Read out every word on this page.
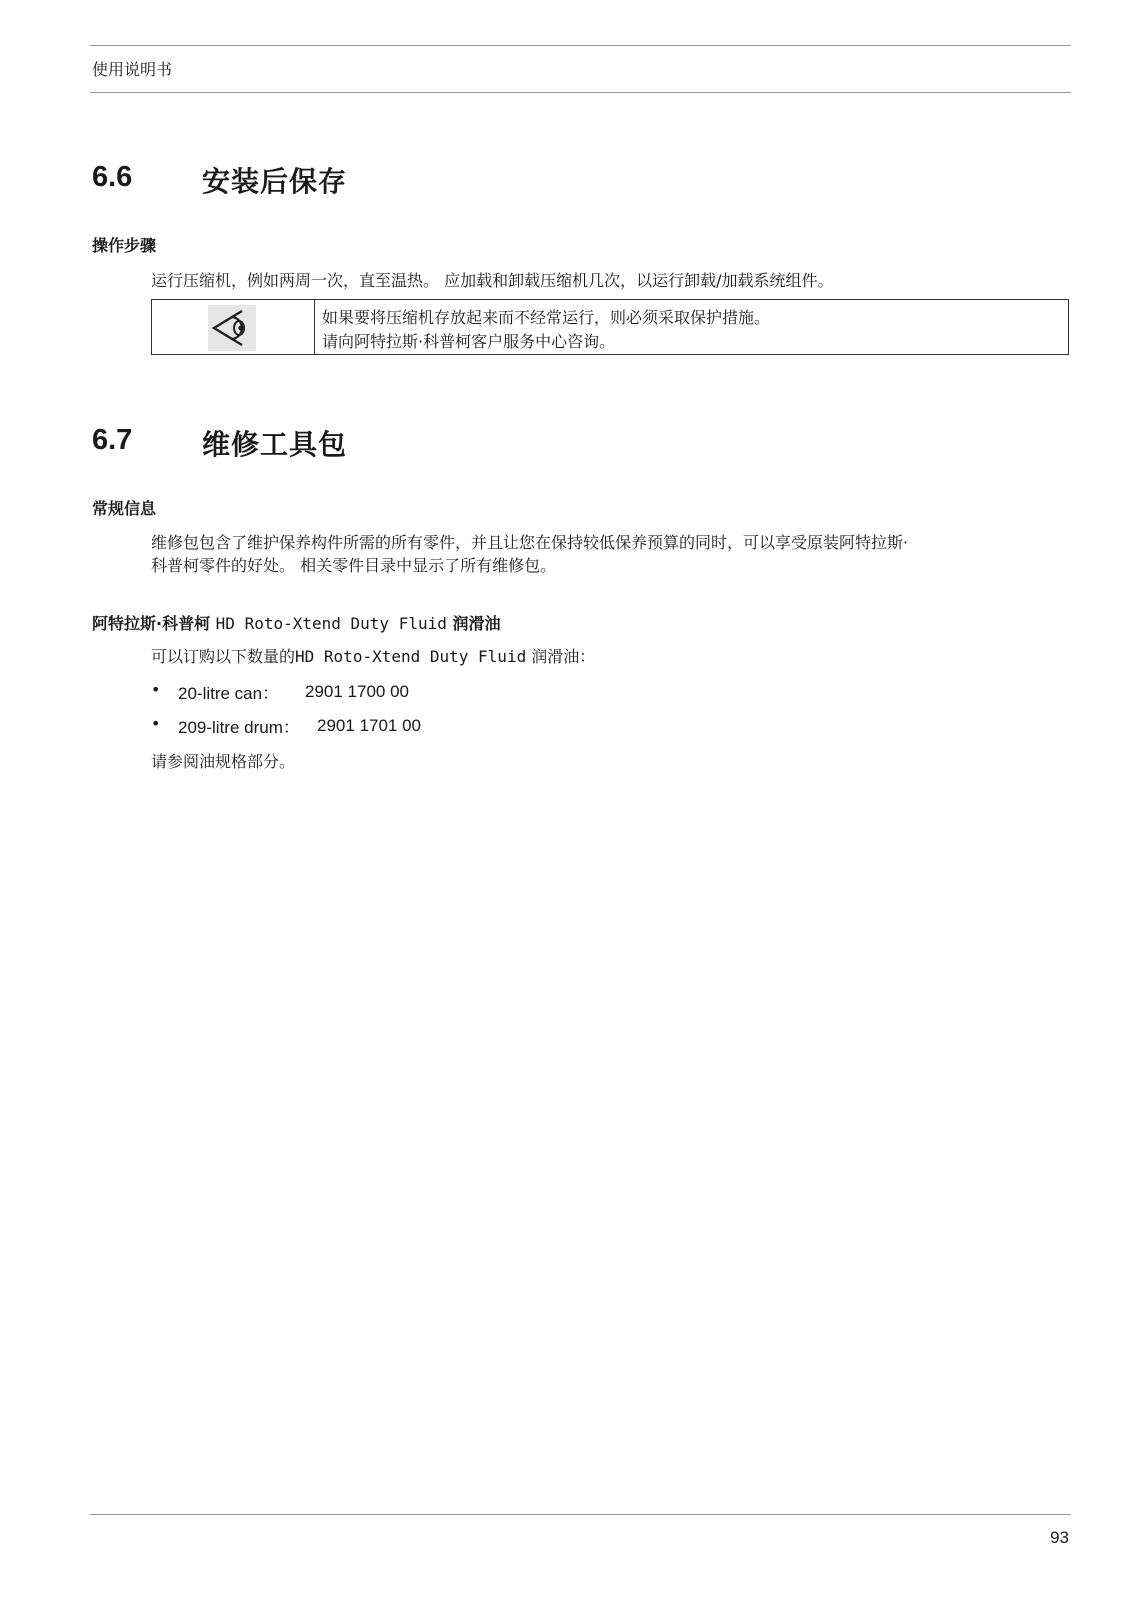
使用说明书
6.6 安装后保存
操作步骤
运行压缩机，例如两周一次，直至温热。 应加载和卸载压缩机几次，以运行卸载/加载系统组件。
如果要将压缩机存放起来而不经常运行，则必须采取保护措施。
请向阿特拉斯·科普柯客户服务中心咨询。
6.7 维修工具包
常规信息
维修包包含了维护保养构件所需的所有零件，并且让您在保持较低保养预算的同时，可以享受原装阿特拉斯·
科普柯零件的好处。 相关零件目录中显示了所有维修包。
阿特拉斯·科普柯 HD Roto-Xtend Duty Fluid 润滑油
可以订购以下数量的HD Roto-Xtend Duty Fluid 润滑油：
• 20-litre can： 2901 1700 00
• 209-litre drum： 2901 1701 00
请参阅油规格部分。
93
